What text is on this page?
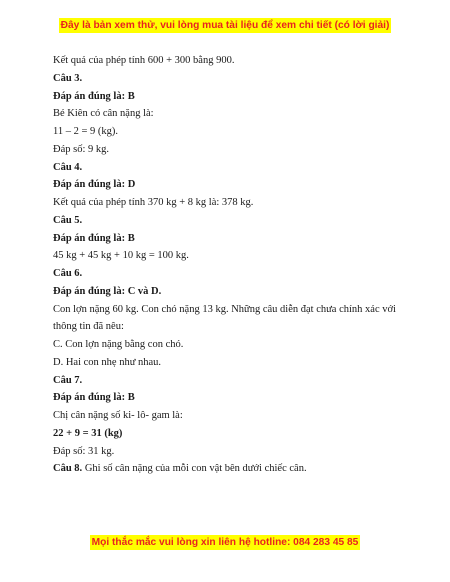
Đây là bản xem thử, vui lòng mua tài liệu để xem chi tiết (có lời giải)
Kết quả của phép tính 600 + 300 bằng 900.
Câu 3.
Đáp án đúng là: B
Bé Kiên có cân nặng là:
11 – 2 = 9 (kg).
Đáp số: 9 kg.
Câu 4.
Đáp án đúng là: D
Kết quả của phép tính 370 kg + 8 kg là: 378 kg.
Câu 5.
Đáp án đúng là: B
45 kg + 45 kg + 10 kg = 100 kg.
Câu 6.
Đáp án đúng là: C và D.
Con lợn nặng 60 kg. Con chó nặng 13 kg. Những câu diễn đạt chưa chính xác với
thông tin đã nêu:
C. Con lợn nặng bằng con chó.
D. Hai con nhẹ như nhau.
Câu 7.
Đáp án đúng là: B
Chị cân nặng số ki- lô- gam là:
22 + 9 = 31 (kg)
Đáp số: 31 kg.
Câu 8. Ghi số cân nặng của mỗi con vật bên dưới chiếc cân.
Mọi thắc mắc vui lòng xin liên hệ hotline: 084 283 45 85
